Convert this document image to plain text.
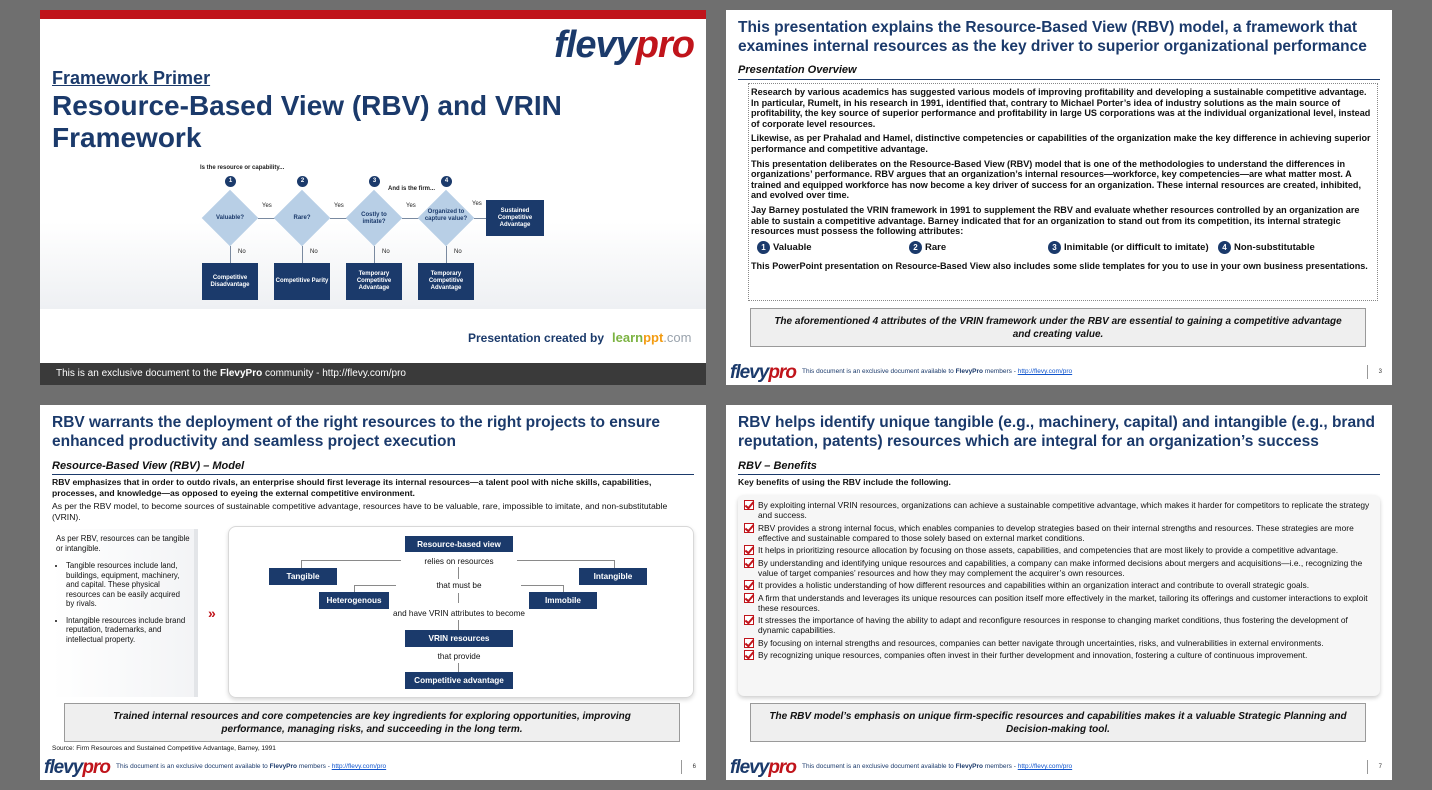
flevypro
Framework Primer
Resource-Based View (RBV) and VRIN Framework
Is the resource or capability...
And is the firm...
1
Valuable?
No
Competitive Disadvantage
Yes
2
Rare?
No
Competitive Parity
Yes
3
Costly to imitate?
No
Temporary Competitive Advantage
Yes
4
Organized to capture value?
No
Temporary Competitive Advantage
Yes
Sustained Competitive Advantage
Presentation created by learnppt.com
This is an exclusive document to the FlevyPro community - http://flevy.com/pro
This presentation explains the Resource-Based View (RBV) model, a framework that examines internal resources as the key driver to superior organizational performance
Presentation Overview

Research by various academics has suggested various models of improving profitability and developing a sustainable competitive advantage. In particular, Rumelt, in his research in 1991, identified that, contrary to Michael Porter’s idea of industry solutions as the main source of profitability, the key source of superior performance and profitability in large US corporations was at the individual organizational level, instead of corporate level resources.

Likewise, as per Prahalad and Hamel, distinctive competencies or capabilities of the organization make the key difference in achieving superior performance and competitive advantage.

This presentation deliberates on the Resource-Based View (RBV) model that is one of the methodologies to understand the differences in organizations’ performance. RBV argues that an organization’s internal resources—workforce, key competencies—are what matter most. A trained and equipped workforce has now become a key driver of success for an organization. These internal resources are created, inhibited, and evolved over time.

Jay Barney postulated the VRIN framework in 1991 to supplement the RBV and evaluate whether resources controlled by an organization are able to sustain a competitive advantage. Barney indicated that for an organization to stand out from its competition, its internal strategic resources must possess the following attributes:

1 Valuable	2 Rare	3 Inimitable (or difficult to imitate)	4 Non-substitutable

This PowerPoint presentation on Resource-Based View also includes some slide templates for you to use in your own business presentations.

The aforementioned 4 attributes of the VRIN framework under the RBV are essential to gaining a competitive advantage and creating value.
flevypro This document is an exclusive document available to FlevyPro members - http://flevy.com/pro	3
RBV warrants the deployment of the right resources to the right projects to ensure enhanced productivity and seamless project execution
Resource-Based View (RBV) – Model
RBV emphasizes that in order to outdo rivals, an enterprise should first leverage its internal resources—a talent pool with niche skills, capabilities, processes, and knowledge—as opposed to eyeing the external competitive environment.
As per the RBV model, to become sources of sustainable competitive advantage, resources have to be valuable, rare, impossible to imitate, and non-substitutable (VRIN).
As per RBV, resources can be tangible or intangible.
• Tangible resources include land, buildings, equipment, machinery, and capital. These physical resources can be easily acquired by rivals.
• Intangible resources include brand reputation, trademarks, and intellectual property.
»
Resource-based view
relies on resources
Tangible	Intangible
that must be
Heterogenous	Immobile
and have VRIN attributes to become
VRIN resources
that provide
Competitive advantage
Trained internal resources and core competencies are key ingredients for exploring opportunities, improving performance, managing risks, and succeeding in the long term.
Source: Firm Resources and Sustained Competitive Advantage, Barney, 1991
flevypro This document is an exclusive document available to FlevyPro members - http://flevy.com/pro	6
RBV helps identify unique tangible (e.g., machinery, capital) and intangible (e.g., brand reputation, patents) resources which are integral for an organization’s success
RBV – Benefits
Key benefits of using the RBV include the following.
By exploiting internal VRIN resources, organizations can achieve a sustainable competitive advantage, which makes it harder for competitors to replicate the strategy and success.
RBV provides a strong internal focus, which enables companies to develop strategies based on their internal strengths and resources. These strategies are more effective and sustainable compared to those solely based on external market conditions.
It helps in prioritizing resource allocation by focusing on those assets, capabilities, and competencies that are most likely to provide a competitive advantage.
By understanding and identifying unique resources and capabilities, a company can make informed decisions about mergers and acquisitions—i.e., recognizing the value of target companies’ resources and how they may complement the acquirer’s own resources.
It provides a holistic understanding of how different resources and capabilities within an organization interact and contribute to overall strategic goals.
A firm that understands and leverages its unique resources can position itself more effectively in the market, tailoring its offerings and customer interactions to exploit these resources.
It stresses the importance of having the ability to adapt and reconfigure resources in response to changing market conditions, thus fostering the development of dynamic capabilities.
By focusing on internal strengths and resources, companies can better navigate through uncertainties, risks, and vulnerabilities in external environments.
By recognizing unique resources, companies often invest in their further development and innovation, fostering a culture of continuous improvement.
The RBV model’s emphasis on unique firm-specific resources and capabilities makes it a valuable Strategic Planning and Decision-making tool.
flevypro This document is an exclusive document available to FlevyPro members - http://flevy.com/pro	7
